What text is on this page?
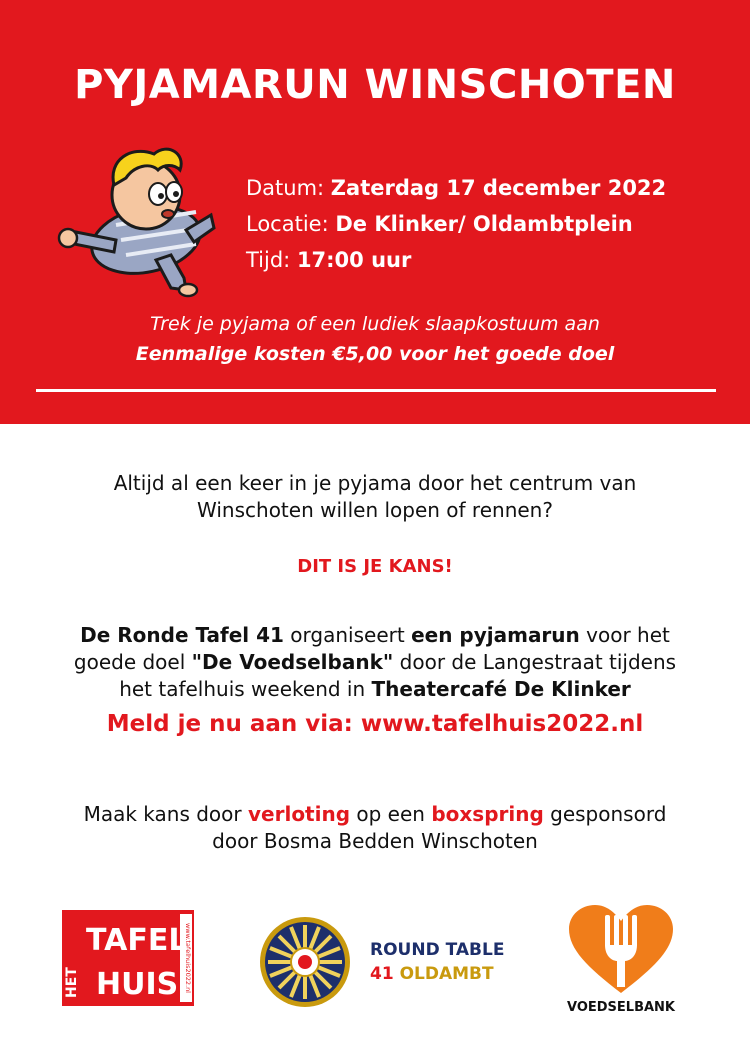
PYJAMARUN WINSCHOTEN
Datum: Zaterdag 17 december 2022
Locatie: De Klinker/ Oldambtplein
Tijd: 17:00 uur
Trek je pyjama of een ludiek slaapkostuum aan
Eenmalige kosten €5,00 voor het goede doel
Altijd al een keer in je pyjama door het centrum van
Winschoten willen lopen of rennen?
DIT IS JE KANS!
De Ronde Tafel 41 organiseert een pyjamarun voor het
goede doel "De Voedselbank" door de Langestraat tijdens
het tafelhuis weekend in Theatercafé De Klinker
Meld je nu aan via: www.tafelhuis2022.nl
Maak kans door verloting op een boxspring gesponsord
door Bosma Bedden Winschoten
www.tafelhuis2022.nl
HET
TAFEL
HUIS
ROUND TABLE
41 OLDAMBT
VOEDSELBANK
